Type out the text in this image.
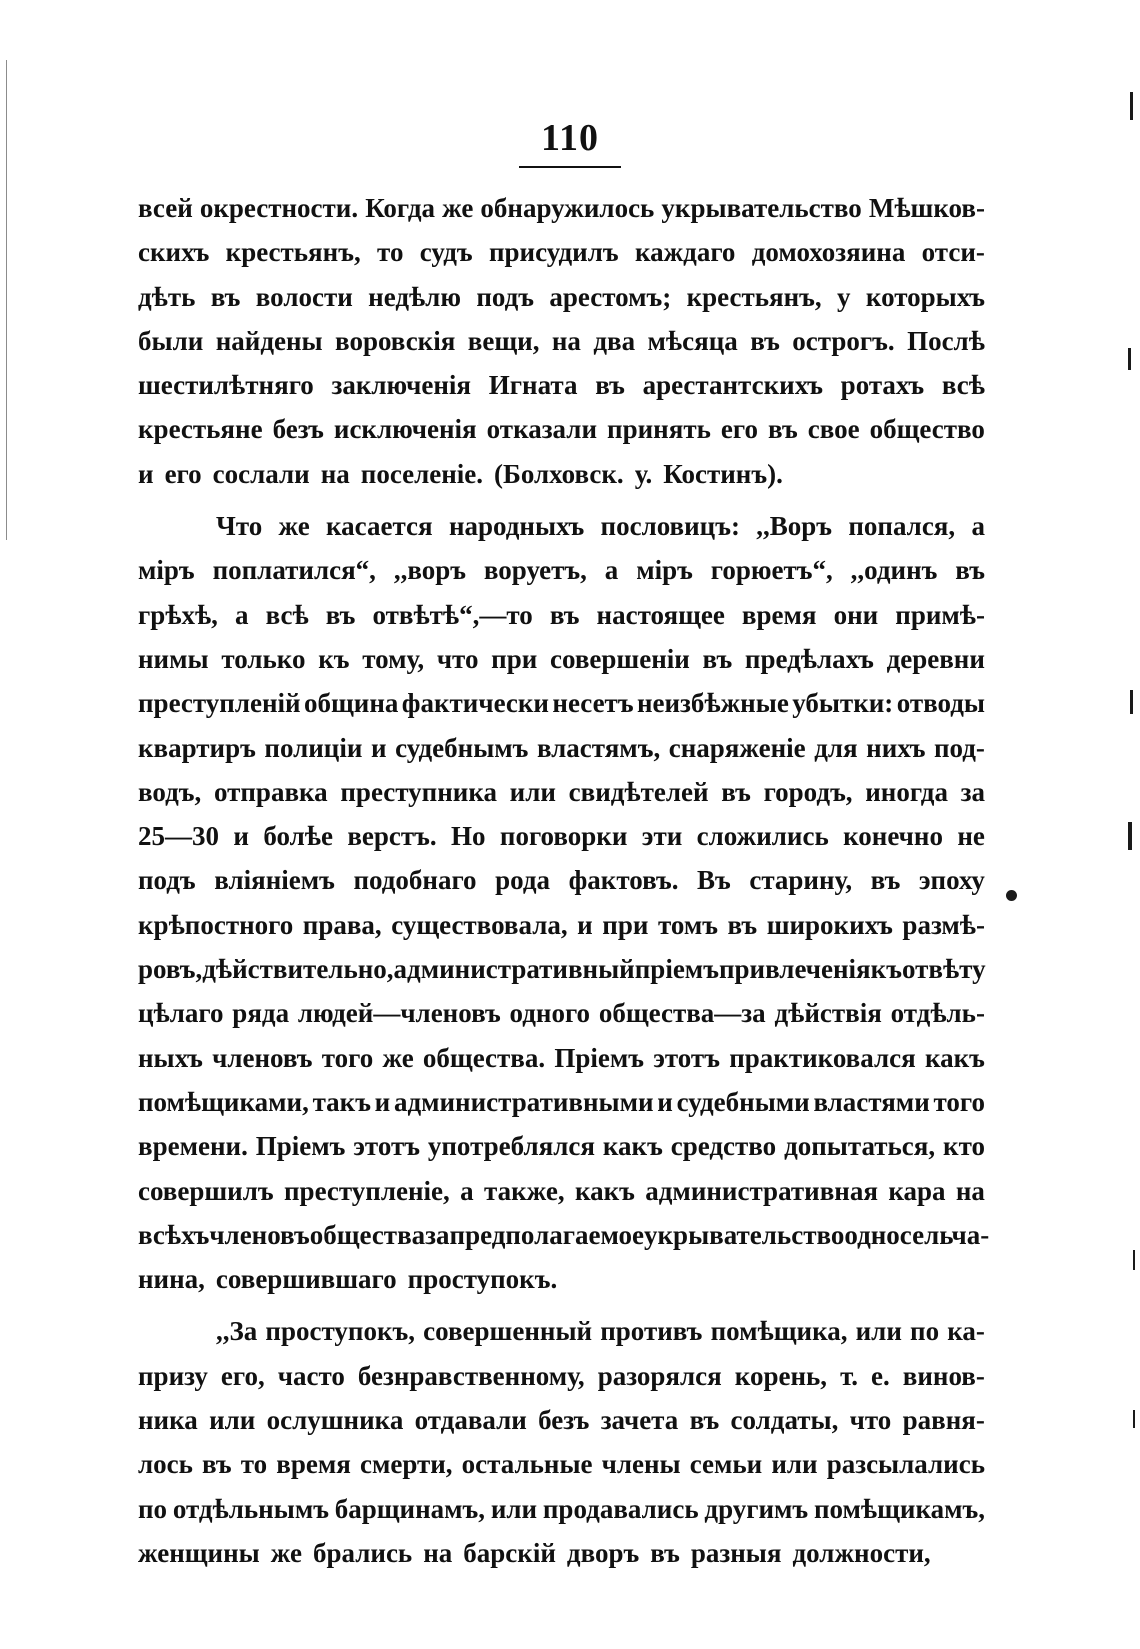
110
всей окрестности. Когда же обнаружилось укрывательство Мѣшков-
скихъ крестьянъ, то судъ присудилъ каждаго домохозяина отси-
дѣть въ волости недѣлю подъ арестомъ; крестьянъ, у которыхъ
были найдены воровскія вещи, на два мѣсяца въ острогъ. Послѣ
шестилѣтняго заключенія Игната въ арестантскихъ ротахъ всѣ
крестьяне безъ исключенія отказали принять его въ свое общество
и его сослали на поселеніе. (Болховск. у. Костинъ).
Что же касается народныхъ пословицъ: ,,Воръ попался, а
міръ поплатился“, ,,воръ воруетъ, а міръ горюетъ“, ,,одинъ въ
грѣхѣ, а всѣ въ отвѣтѣ“,—то въ настоящее время они примѣ-
нимы только къ тому, что при совершеніи въ предѣлахъ деревни
преступленій община фактически несетъ неизбѣжные убытки: отводы
квартиръ полиціи и судебнымъ властямъ, снаряженіе для нихъ под-
водъ, отправка преступника или свидѣтелей въ городъ, иногда за
25—30 и болѣе верстъ. Но поговорки эти сложились конечно не
подъ вліяніемъ подобнаго рода фактовъ. Въ старину, въ эпоху
крѣпостного права, существовала, и при томъ въ широкихъ размѣ-
ровъ, дѣйствительно, административный пріемъ привлеченія къ отвѣту
цѣлаго ряда людей—членовъ одного общества—за дѣйствія отдѣль-
ныхъ членовъ того же общества. Пріемъ этотъ практиковался какъ
помѣщиками, такъ и административными и судебными властями того
времени. Пріемъ этотъ употреблялся какъ средство допытаться, кто
совершилъ преступленіе, а также, какъ административная кара на
всѣхъ членовъ общества за предполагаемое укрывательство односельча-
нина, совершившаго проступокъ.
,,За проступокъ, совершенный противъ помѣщика, или по ка-
призу его, часто безнравственному, разорялся корень, т. е. винов-
ника или ослушника отдавали безъ зачета въ солдаты, что равня-
лось въ то время смерти, остальные члены семьи или разсылались
по отдѣльнымъ барщинамъ, или продавались другимъ помѣщикамъ,
женщины же брались на барскій дворъ въ разныя должности,
